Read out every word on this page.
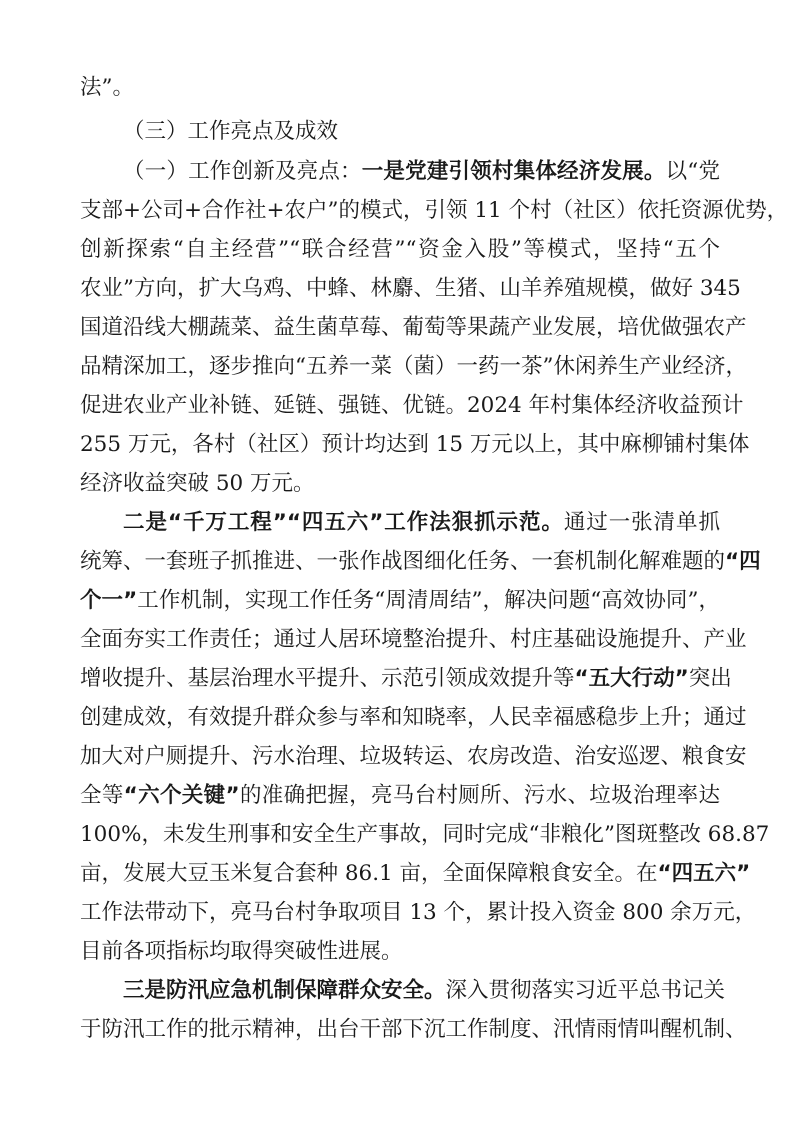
法”。
（三）工作亮点及成效
（一）工作创新及亮点：一是党建引领村集体经济发展。以“党
支部+公司+合作社+农户”的模式，引领 11 个村（社区）依托资源优势，
创新探索“自主经营”“联合经营”“资金入股”等模式，坚持“五个
农业”方向，扩大乌鸡、中蜂、林麝、生猪、山羊养殖规模，做好 345
国道沿线大棚蔬菜、益生菌草莓、葡萄等果蔬产业发展，培优做强农产
品精深加工，逐步推向“五养一菜（菌）一药一茶”休闲养生产业经济，
促进农业产业补链、延链、强链、优链。2024 年村集体经济收益预计
255 万元，各村（社区）预计均达到 15 万元以上，其中麻柳铺村集体
经济收益突破 50 万元。
二是“千万工程”“四五六”工作法狠抓示范。通过一张清单抓
统筹、一套班子抓推进、一张作战图细化任务、一套机制化解难题的“四
个一”工作机制，实现工作任务“周清周结”，解决问题“高效协同”，
全面夯实工作责任；通过人居环境整治提升、村庄基础设施提升、产业
增收提升、基层治理水平提升、示范引领成效提升等“五大行动”突出
创建成效，有效提升群众参与率和知晓率，人民幸福感稳步上升；通过
加大对户厕提升、污水治理、垃圾转运、农房改造、治安巡逻、粮食安
全等“六个关键”的准确把握，亮马台村厕所、污水、垃圾治理率达
100%，未发生刑事和安全生产事故，同时完成“非粮化”图斑整改 68.87
亩，发展大豆玉米复合套种 86.1 亩，全面保障粮食安全。在“四五六”
工作法带动下，亮马台村争取项目 13 个，累计投入资金 800 余万元，
目前各项指标均取得突破性进展。
三是防汛应急机制保障群众安全。深入贯彻落实习近平总书记关
于防汛工作的批示精神，出台干部下沉工作制度、汛情雨情叫醒机制、
